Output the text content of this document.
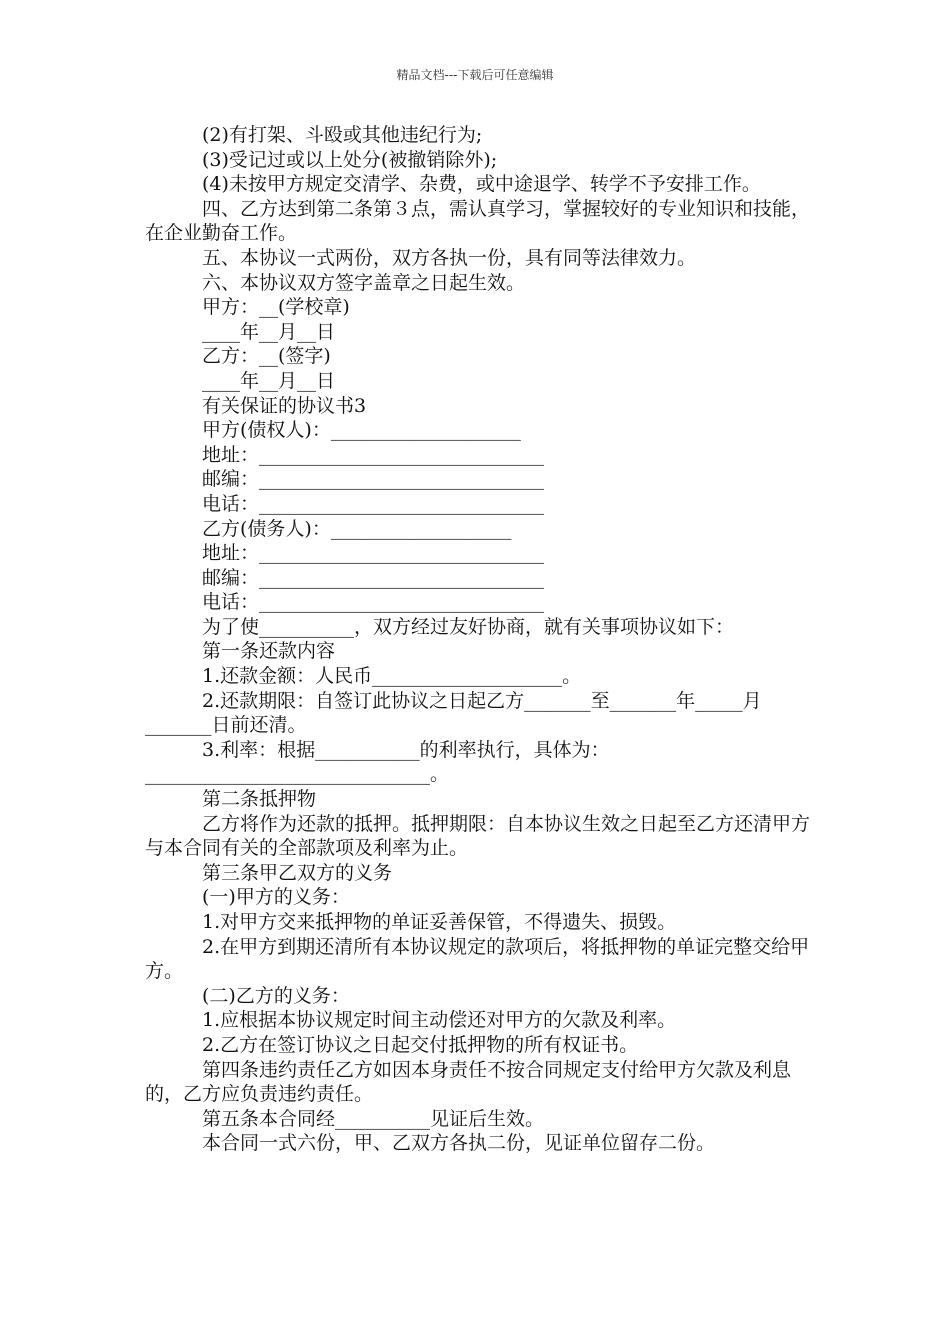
精品文档---下载后可任意编辑

(2)有打架、斗殴或其他违纪行为;

(3)受记过或以上处分(被撤销除外);

(4)未按甲方规定交清学、杂费，或中途退学、转学不予安排工作。

四、乙方达到第二条第３点，需认真学习，掌握较好的专业知识和技能，在企业勤奋工作。

五、本协议一式两份，双方各执一份，具有同等法律效力。

六、本协议双方签字盖章之日起生效。

甲方：__(学校章)

____年__月__日

乙方：__(签字)

____年__月__日

有关保证的协议书3

甲方(债权人)：____________________

地址：______________________________

邮编：______________________________

电话：______________________________

乙方(债务人)：___________________

地址：______________________________

邮编：______________________________

电话：______________________________

为了使__________，双方经过友好协商，就有关事项协议如下：

第一条还款内容

1.还款金额：人民币____________________。

2.还款期限：自签订此协议之日起乙方_______至_______年_____月_______日前还清。

3.利率：根据___________的利率执行，具体为：______________________________。

第二条抵押物

乙方将作为还款的抵押。抵押期限：自本协议生效之日起至乙方还清甲方与本合同有关的全部款项及利率为止。

第三条甲乙双方的义务

(一)甲方的义务：

1.对甲方交来抵押物的单证妥善保管，不得遗失、损毁。

2.在甲方到期还清所有本协议规定的款项后，将抵押物的单证完整交给甲方。

(二)乙方的义务：

1.应根据本协议规定时间主动偿还对甲方的欠款及利率。

2.乙方在签订协议之日起交付抵押物的所有权证书。

第四条违约责任乙方如因本身责任不按合同规定支付给甲方欠款及利息的，乙方应负责违约责任。

第五条本合同经__________见证后生效。

本合同一式六份，甲、乙双方各执二份，见证单位留存二份。
